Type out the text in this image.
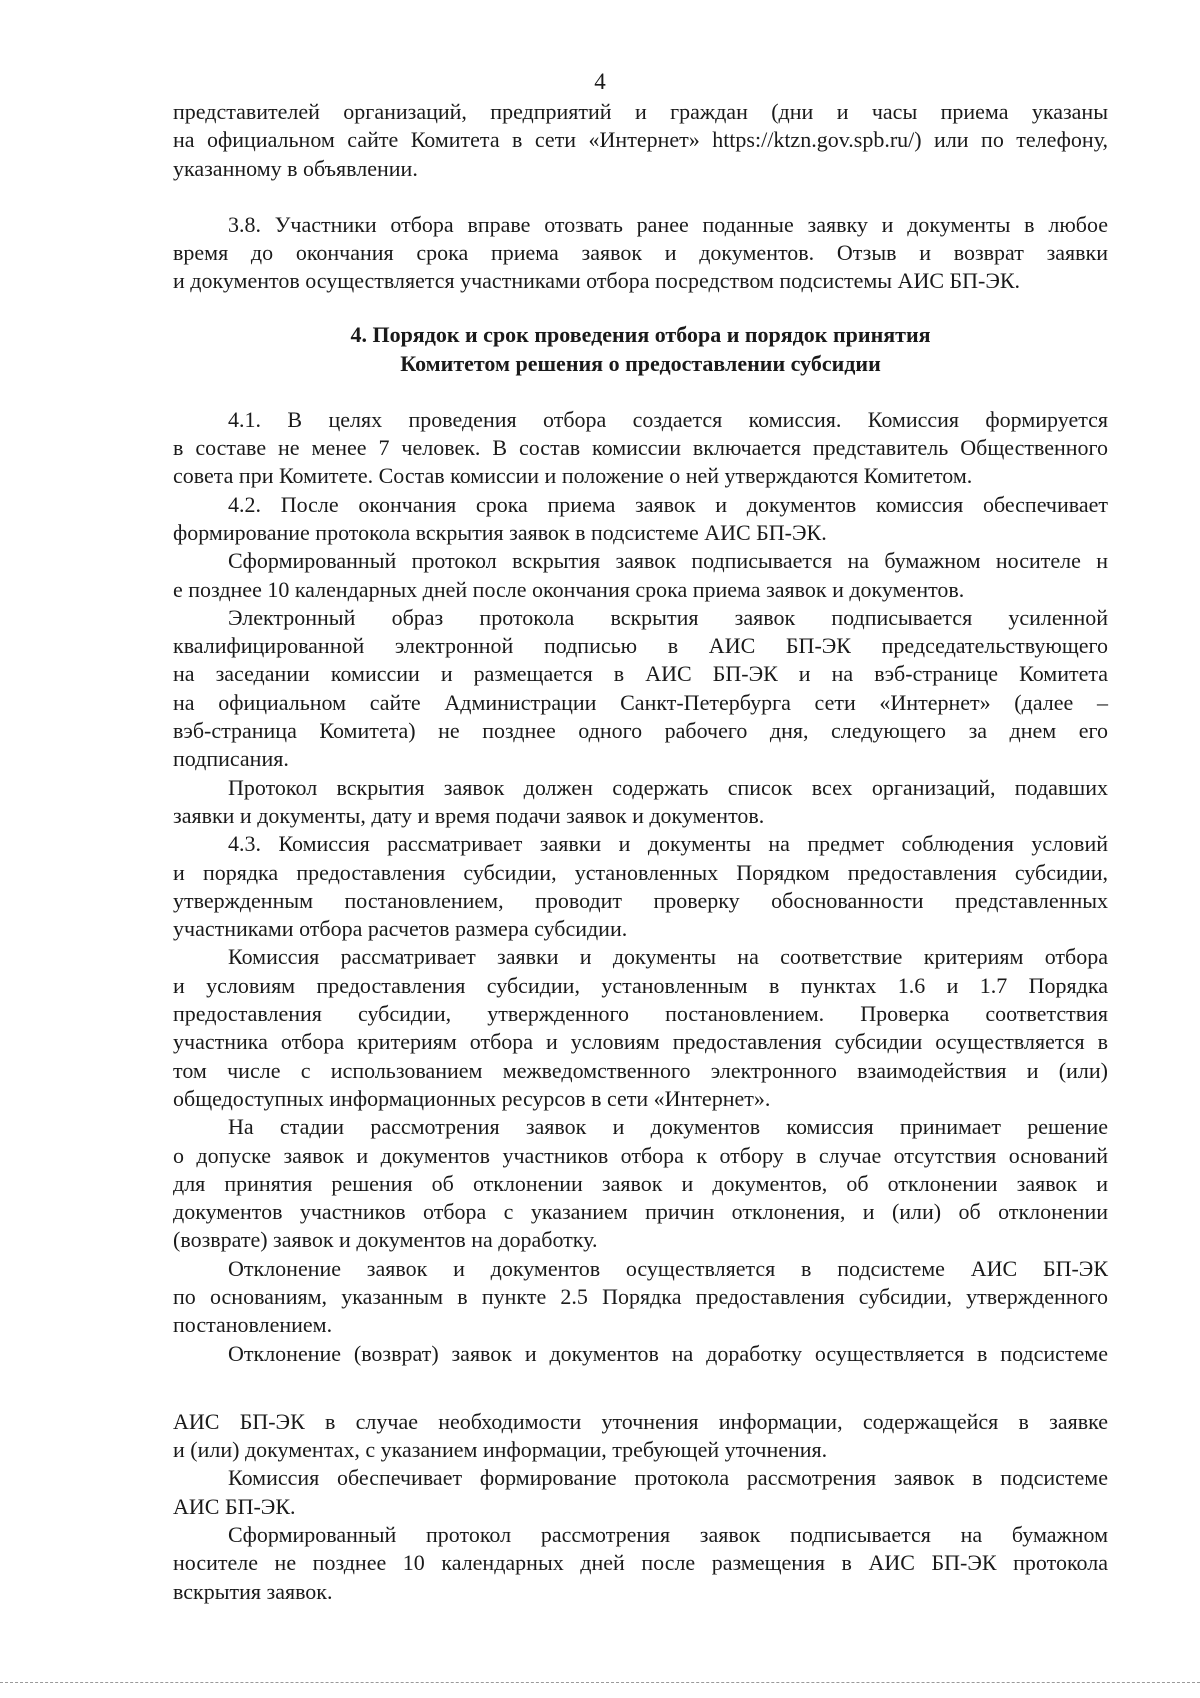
4
представителей организаций, предприятий и граждан (дни и часы приема указаны
на официальном сайте Комитета в сети «Интернет» https://ktzn.gov.spb.ru/) или по телефону,
указанному в объявлении.
3.8. Участники отбора вправе отозвать ранее поданные заявку и документы в любое
время до окончания срока приема заявок и документов. Отзыв и возврат заявки
и документов осуществляется участниками отбора посредством подсистемы АИС БП-ЭК.
4. Порядок и срок проведения отбора и порядок принятия
Комитетом решения о предоставлении субсидии
4.1. В целях проведения отбора создается комиссия. Комиссия формируется
в составе не менее 7 человек. В состав комиссии включается представитель Общественного
совета при Комитете. Состав комиссии и положение о ней утверждаются Комитетом.
4.2. После окончания срока приема заявок и документов комиссия обеспечивает
формирование протокола вскрытия заявок в подсистеме АИС БП-ЭК.
Сформированный протокол вскрытия заявок подписывается на бумажном носителе н
е позднее 10 календарных дней после окончания срока приема заявок и документов.
Электронный образ протокола вскрытия заявок подписывается усиленной
квалифицированной электронной подписью в АИС БП-ЭК председательствующего
на заседании комиссии и размещается в АИС БП-ЭК и на вэб-странице Комитета
на официальном сайте Администрации Санкт-Петербурга сети «Интернет» (далее –
вэб-страница Комитета) не позднее одного рабочего дня, следующего за днем его
подписания.
Протокол вскрытия заявок должен содержать список всех организаций, подавших
заявки и документы, дату и время подачи заявок и документов.
4.3. Комиссия рассматривает заявки и документы на предмет соблюдения условий
и порядка предоставления субсидии, установленных Порядком предоставления субсидии,
утвержденным постановлением, проводит проверку обоснованности представленных
участниками отбора расчетов размера субсидии.
Комиссия рассматривает заявки и документы на соответствие критериям отбора
и условиям предоставления субсидии, установленным в пунктах 1.6 и 1.7 Порядка
предоставления субсидии, утвержденного постановлением. Проверка соответствия
участника отбора критериям отбора и условиям предоставления субсидии осуществляется в
том числе с использованием межведомственного электронного взаимодействия и (или)
общедоступных информационных ресурсов в сети «Интернет».
На стадии рассмотрения заявок и документов комиссия принимает решение
о допуске заявок и документов участников отбора к отбору в случае отсутствия оснований
для принятия решения об отклонении заявок и документов, об отклонении заявок и
документов участников отбора с указанием причин отклонения, и (или) об отклонении
(возврате) заявок и документов на доработку.
Отклонение заявок и документов осуществляется в подсистеме АИС БП-ЭК
по основаниям, указанным в пункте 2.5 Порядка предоставления субсидии, утвержденного
постановлением.
Отклонение (возврат) заявок и документов на доработку осуществляется в подсистеме
АИС БП-ЭК в случае необходимости уточнения информации, содержащейся в заявке
и (или) документах, с указанием информации, требующей уточнения.
Комиссия обеспечивает формирование протокола рассмотрения заявок в подсистеме
АИС БП-ЭК.
Сформированный протокол рассмотрения заявок подписывается на бумажном
носителе не позднее 10 календарных дней после размещения в АИС БП-ЭК протокола
вскрытия заявок.
